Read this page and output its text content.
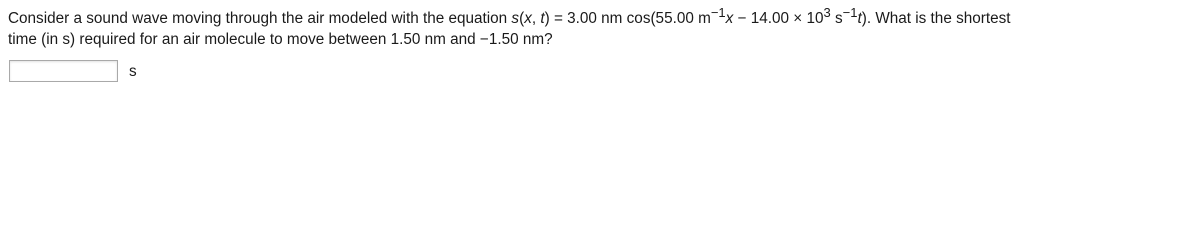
Consider a sound wave moving through the air modeled with the equation s(x, t) = 3.00 nm cos(55.00 $m^{-1}x - 14.00 \times 10^3$ $s^{-1}t$). What is the shortest
time (in s) required for an air molecule to move between 1.50 nm and −1.50 nm?
s
